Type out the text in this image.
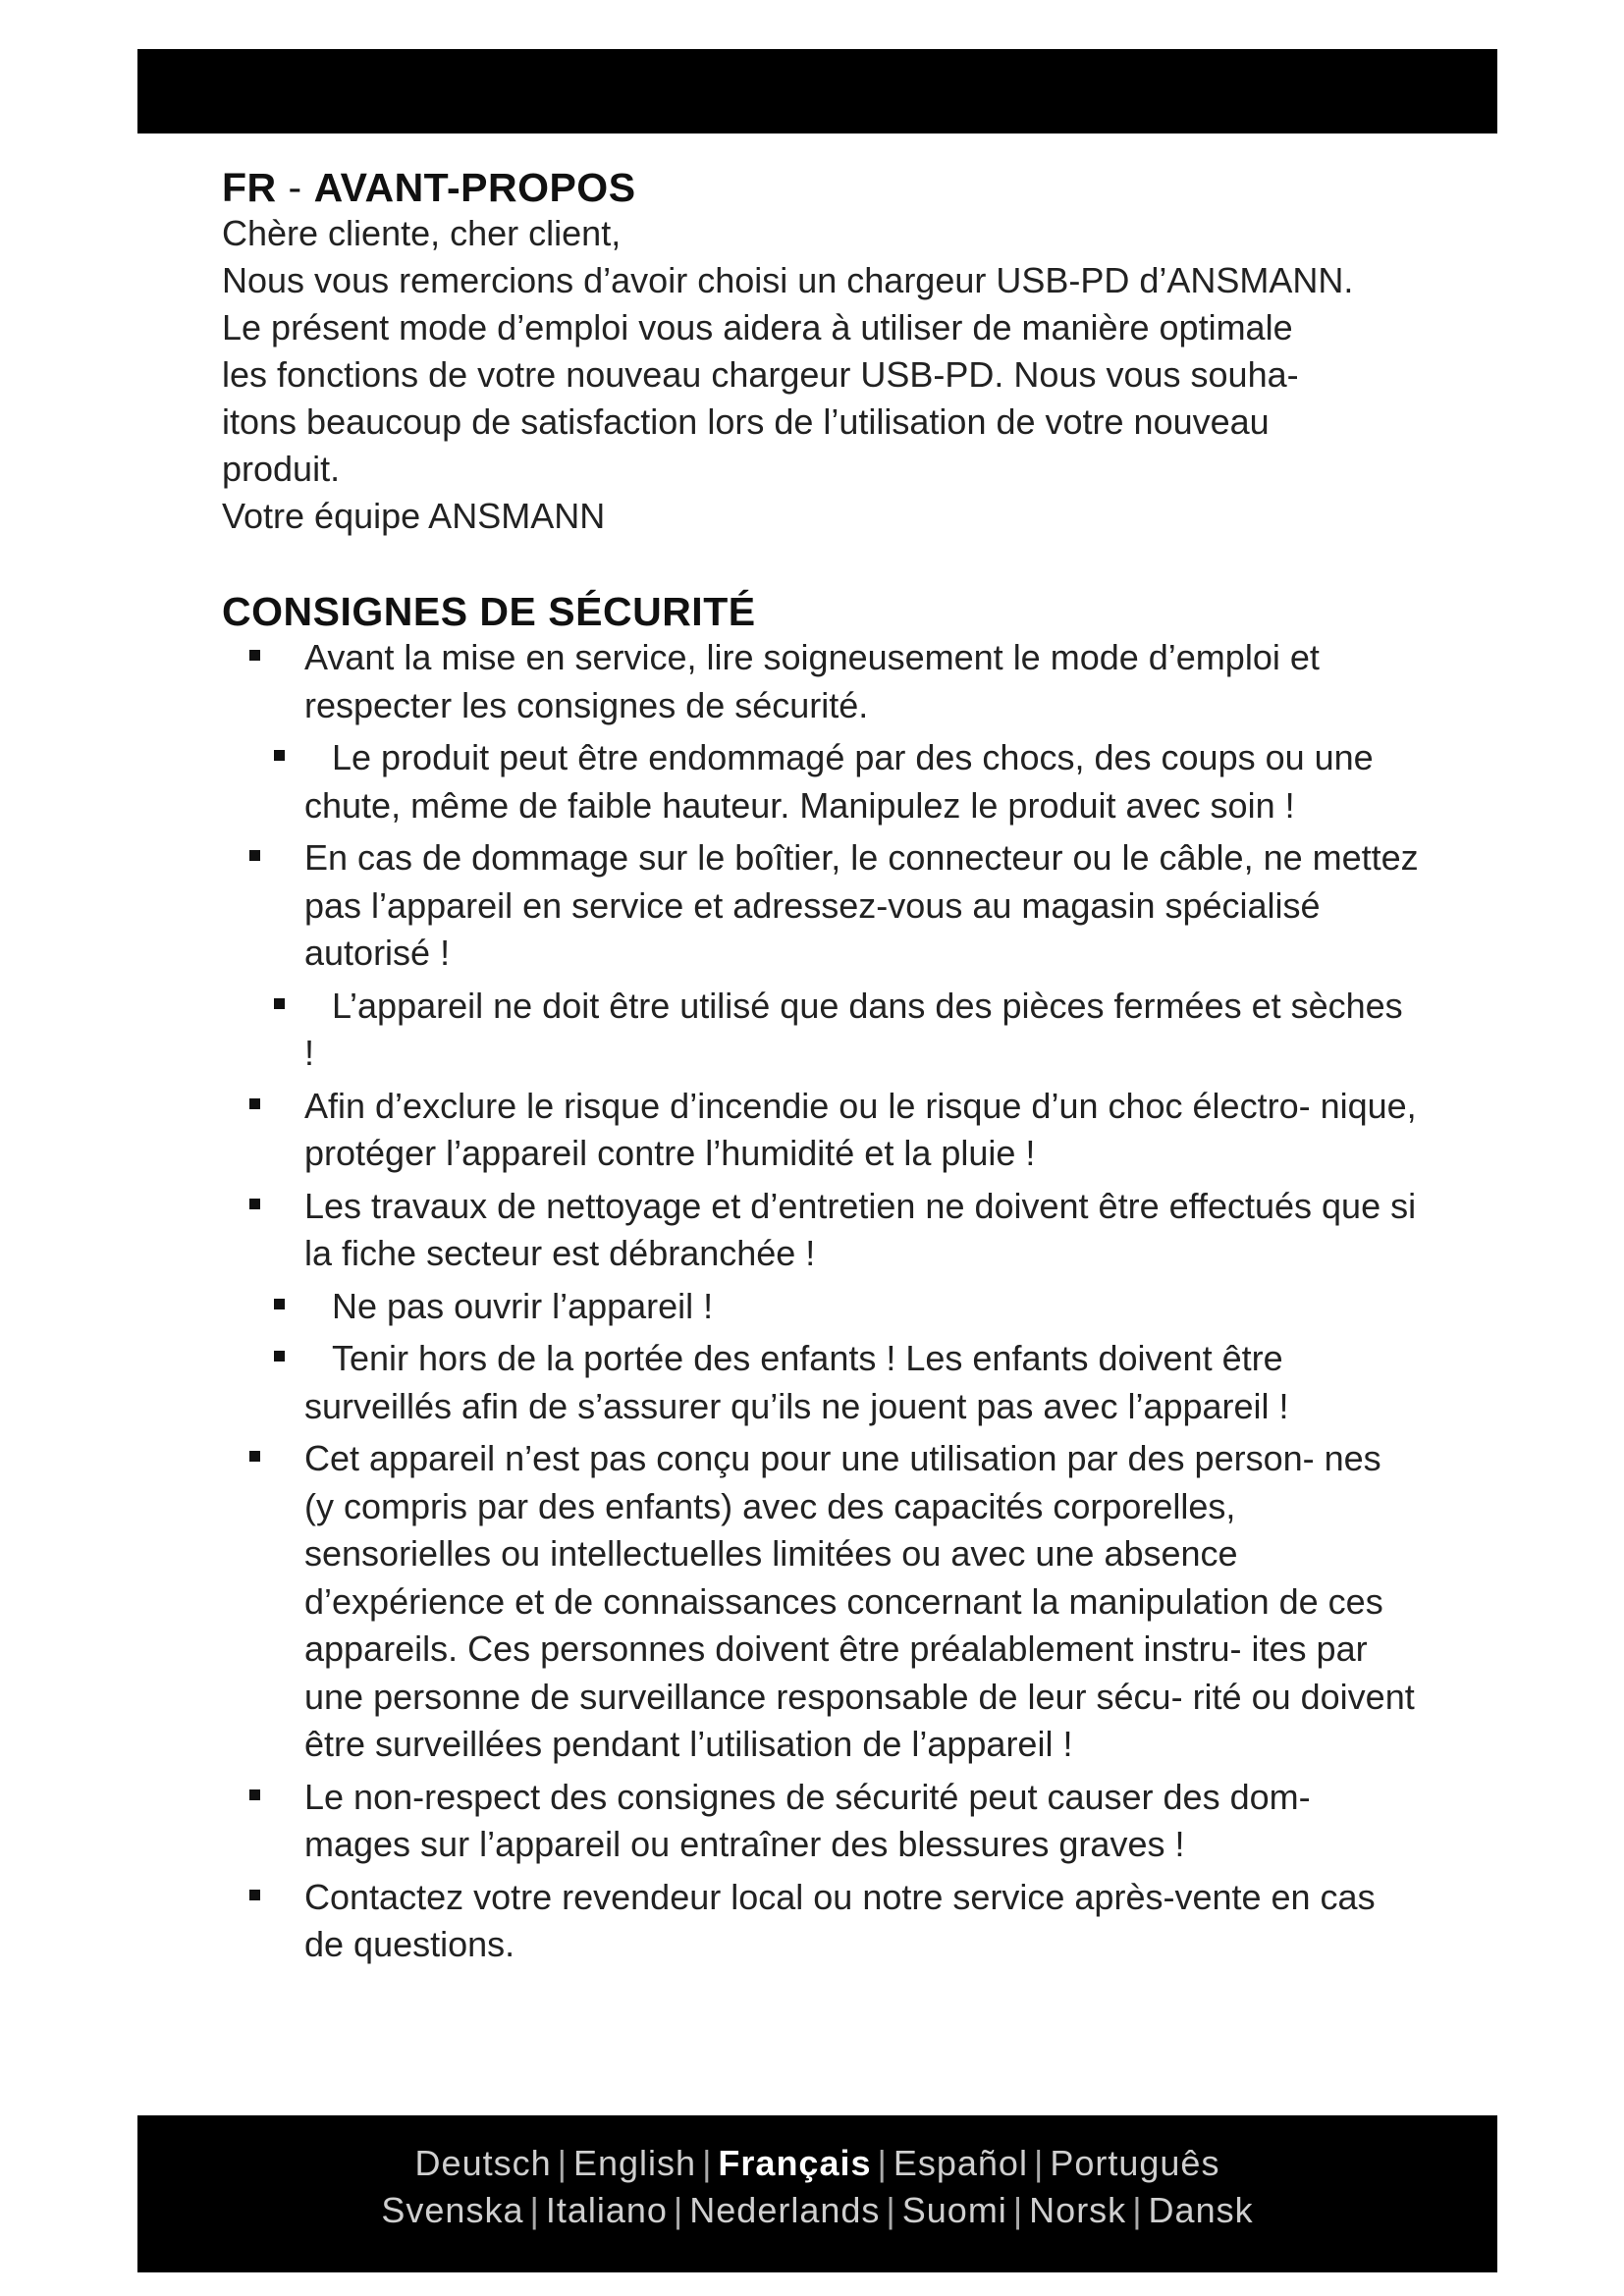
FR - AVANT-PROPOS

Chère cliente, cher client,

Nous vous remercions d’avoir choisi un chargeur USB-PD d’ANSMANN.

Le présent mode d’emploi vous aidera à utiliser de manière optimale

les fonctions de votre nouveau chargeur USB-PD. Nous vous souha-

itons beaucoup de satisfaction lors de l’utilisation de votre nouveau

produit.

Votre équipe ANSMANN

CONSIGNES DE SÉCURITÉ
Avant la mise en service, lire soigneusement le mode d’emploi et respecter les consignes de sécurité.
Le produit peut être endommagé par des chocs, des coups ou une chute, même de faible hauteur. Manipulez le produit avec soin !
En cas de dommage sur le boîtier, le connecteur ou le câble, ne mettez pas l’appareil en service et adressez-vous au magasin spécialisé autorisé !
L’appareil ne doit être utilisé que dans des pièces fermées et sèches !
Afin d’exclure le risque d’incendie ou le risque d’un choc électro- nique, protéger l’appareil contre l’humidité et la pluie !
Les travaux de nettoyage et d’entretien ne doivent être effectués que si la fiche secteur est débranchée !
Ne pas ouvrir l’appareil !
Tenir hors de la portée des enfants ! Les enfants doivent être surveillés afin de s’assurer qu’ils ne jouent pas avec l’appareil !
Cet appareil n’est pas conçu pour une utilisation par des person- nes (y compris par des enfants) avec des capacités corporelles, sensorielles ou intellectuelles limitées ou avec une absence d’expérience et de connaissances concernant la manipulation de ces appareils. Ces personnes doivent être préalablement instru- ites par une personne de surveillance responsable de leur sécu- rité ou doivent être surveillées pendant l’utilisation de l’appareil !
Le non-respect des consignes de sécurité peut causer des dom- mages sur l’appareil ou entraîner des blessures graves !
Contactez votre revendeur local ou notre service après-vente en cas de questions.
Deutsch | English | Français | Español | Português
Svenska | Italiano | Nederlands | Suomi | Norsk | Dansk
